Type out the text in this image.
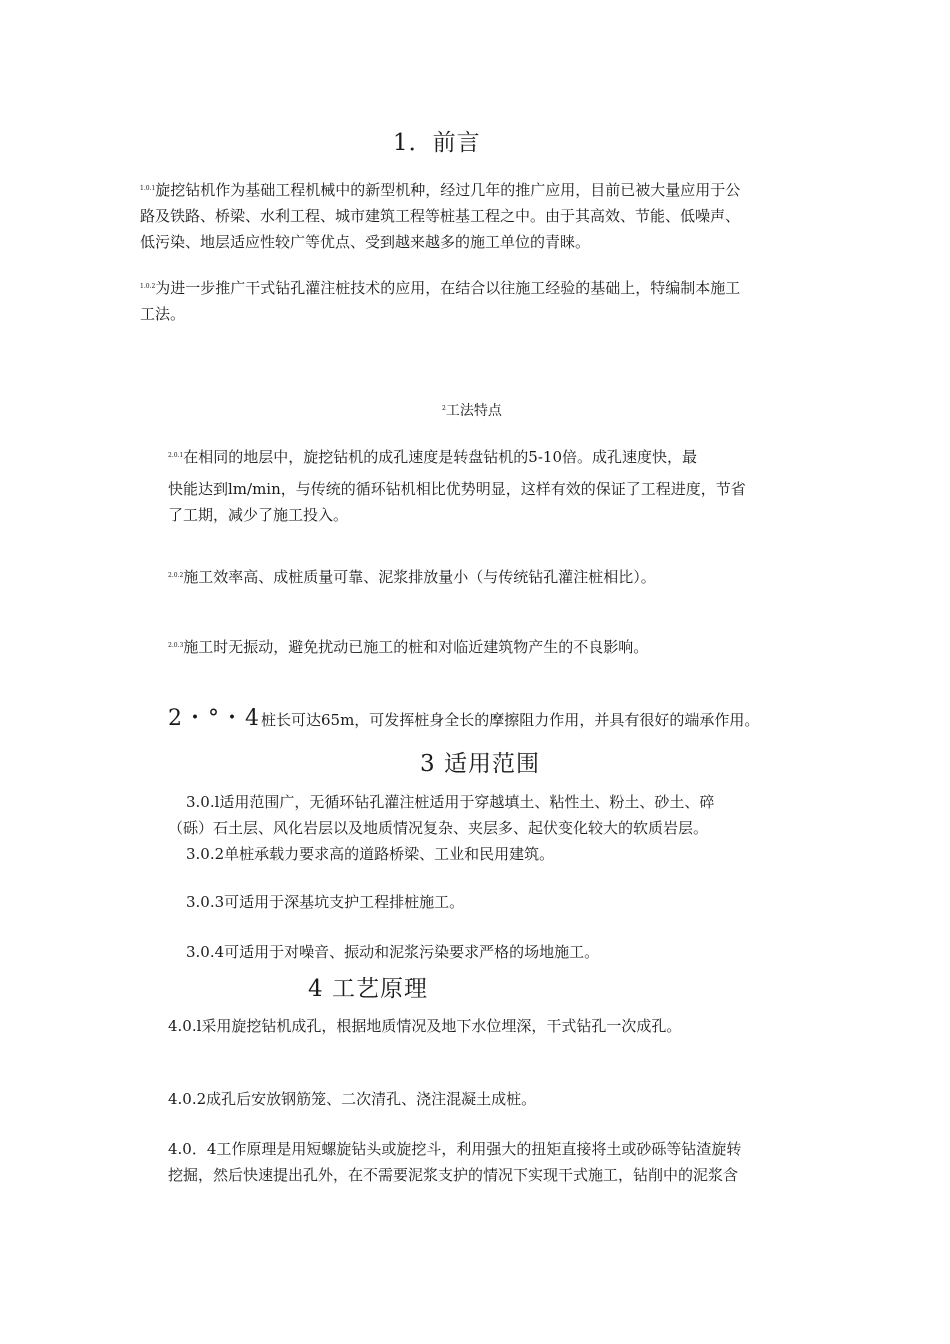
1．前言
$^{1.0.1}$旋挖钻机作为基础工程机械中的新型机种，经过几年的推广应用，目前已被大量应用于公
路及铁路、桥梁、水利工程、城市建筑工程等桩基工程之中。由于其高效、节能、低噪声、
低污染、地层适应性较广等优点、受到越来越多的施工单位的青睐。
$^{1.0.2}$为进一步推广干式钻孔灌注桩技术的应用，在结合以往施工经验的基础上，特编制本施工
工法。
$^2$工法特点
$^{2.0.1}$在相同的地层中，旋挖钻机的成孔速度是转盘钻机的5-10倍。成孔速度快，最
快能达到lm/min，与传统的循环钻机相比优势明显，这样有效的保证了工程进度，节省
了工期，减少了施工投入。
$^{2.0.2}$施工效率高、成桩质量可靠、泥浆排放量小（与传统钻孔灌注桩相比）。
$^{2.0.3}$施工时无振动，避免扰动已施工的桩和对临近建筑物产生的不良影响。
2・°・4桩长可达65m，可发挥桩身全长的摩擦阻力作用，并具有很好的端承作用。
3 适用范围
3.0.l适用范围广，无循环钻孔灌注桩适用于穿越填土、粘性土、粉土、砂土、碎
（砾）石土层、风化岩层以及地质情况复杂、夹层多、起伏变化较大的软质岩层。
3.0.2单桩承载力要求高的道路桥梁、工业和民用建筑。
3.0.3可适用于深基坑支护工程排桩施工。
3.0.4可适用于对噪音、振动和泥浆污染要求严格的场地施工。
4 工艺原理
4.0.l采用旋挖钻机成孔，根据地质情况及地下水位埋深，干式钻孔一次成孔。
4.0.2成孔后安放钢筋笼、二次清孔、浇注混凝土成桩。
4.0．4工作原理是用短螺旋钻头或旋挖斗，利用强大的扭矩直接将土或砂砾等钻渣旋转
挖掘，然后快速提出孔外，在不需要泥浆支护的情况下实现干式施工，钻削中的泥浆含
